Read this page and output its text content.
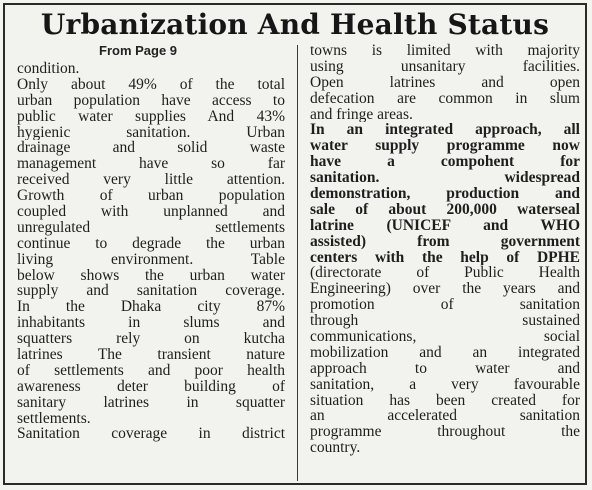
Urbanization And Health Status
From Page 9
condition.
Only about 49% of the total
urban population have access to
public water supplies And 43%
hygienic sanitation. Urban
drainage and solid waste
management have so far
received very little attention.
Growth of urban population
coupled with unplanned and
unregulated settlements
continue to degrade the urban
living environment. Table
below shows the urban water
supply and sanitation coverage.
In the Dhaka city 87%
inhabitants in slums and
squatters rely on kutcha
latrines The transient nature
of settlements and poor health
awareness deter building of
sanitary latrines in squatter
settlements.
Sanitation coverage in district
towns is limited with majority
using unsanitary facilities.
Open latrines and open
defecation are common in slum
and fringe areas.
In an integrated approach, all
water supply programme now
have a compohent for
sanitation. widespread
demonstration, production and
sale of about 200,000 waterseal
latrine (UNICEF and WHO
assisted) from government
centers with the help of DPHE
(directorate of Public Health
Engineering) over the years and
promotion of sanitation
through sustained
communications, social
mobilization and an integrated
approach to water and
sanitation, a very favourable
situation has been created for
an accelerated sanitation
programme throughout the
country.
